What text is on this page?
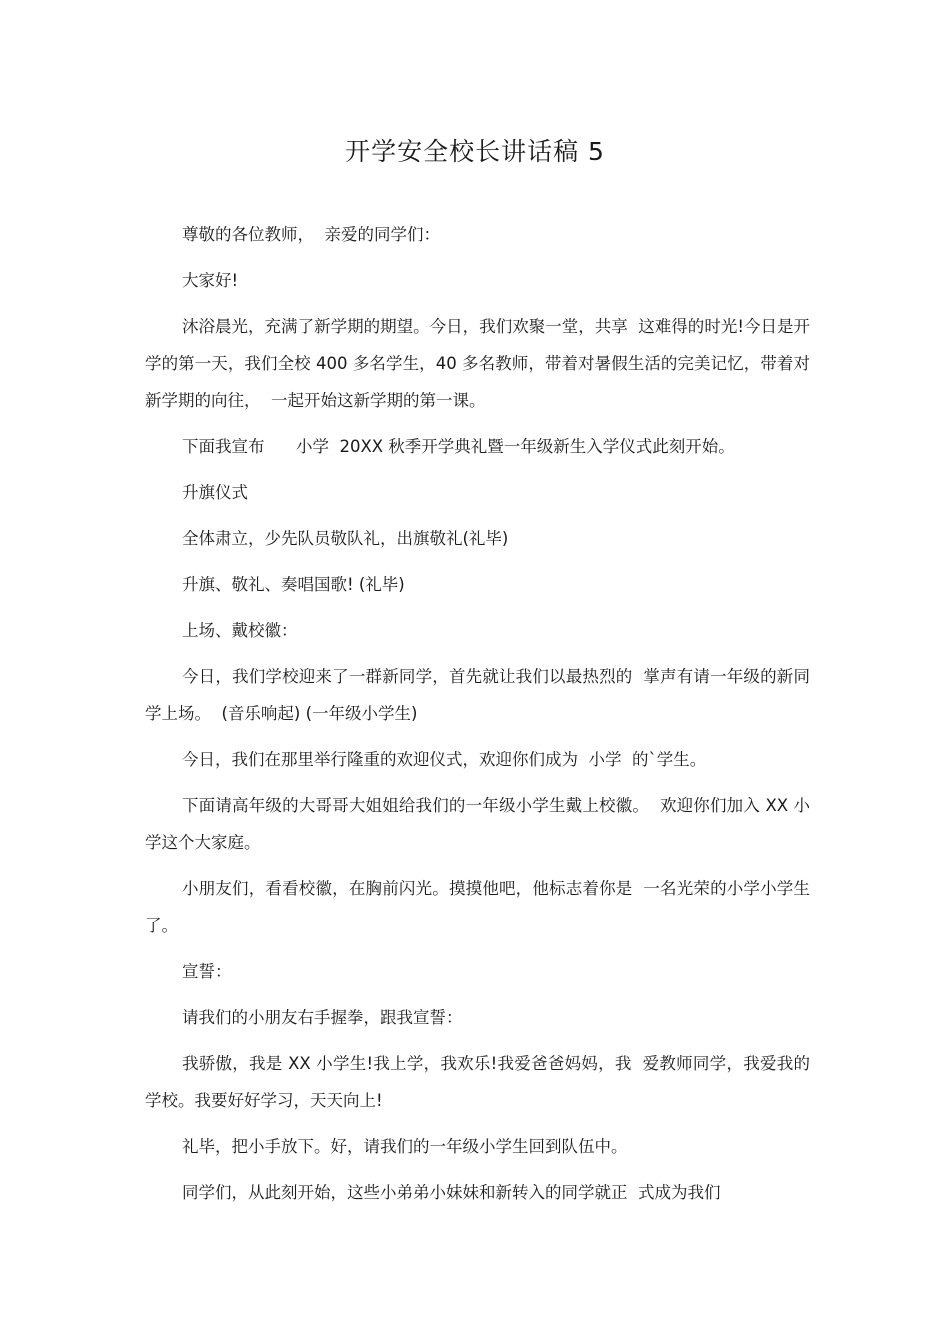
开学安全校长讲话稿 5

尊敬的各位教师，  亲爱的同学们：

大家好!

沐浴晨光，充满了新学期的期望。今日，我们欢聚一堂，共享  这难得的时光!今日是开学的第一天，我们全校 400 多名学生，40 多名教师，带着对暑假生活的完美记忆，带着对新学期的向往，  一起开始这新学期的第一课。

下面我宣布      小学  20XX 秋季开学典礼暨一年级新生入学仪式此刻开始。

升旗仪式

全体肃立，少先队员敬队礼，出旗敬礼(礼毕)

升旗、敬礼、奏唱国歌! (礼毕)

上场、戴校徽：

今日，我们学校迎来了一群新同学，首先就让我们以最热烈的  掌声有请一年级的新同学上场。  (音乐响起) (一年级小学生)

今日，我们在那里举行隆重的欢迎仪式，欢迎你们成为  小学  的`学生。

下面请高年级的大哥哥大姐姐给我们的一年级小学生戴上校徽。  欢迎你们加入 XX 小学这个大家庭。

小朋友们，看看校徽，在胸前闪光。摸摸他吧，他标志着你是  一名光荣的小学小学生了。

宣誓：

请我们的小朋友右手握拳，跟我宣誓：

我骄傲，我是 XX 小学生!我上学，我欢乐!我爱爸爸妈妈，我  爱教师同学，我爱我的学校。我要好好学习，天天向上!

礼毕，把小手放下。好，请我们的一年级小学生回到队伍中。

同学们，从此刻开始，这些小弟弟小妹妹和新转入的同学就正  式成为我们
